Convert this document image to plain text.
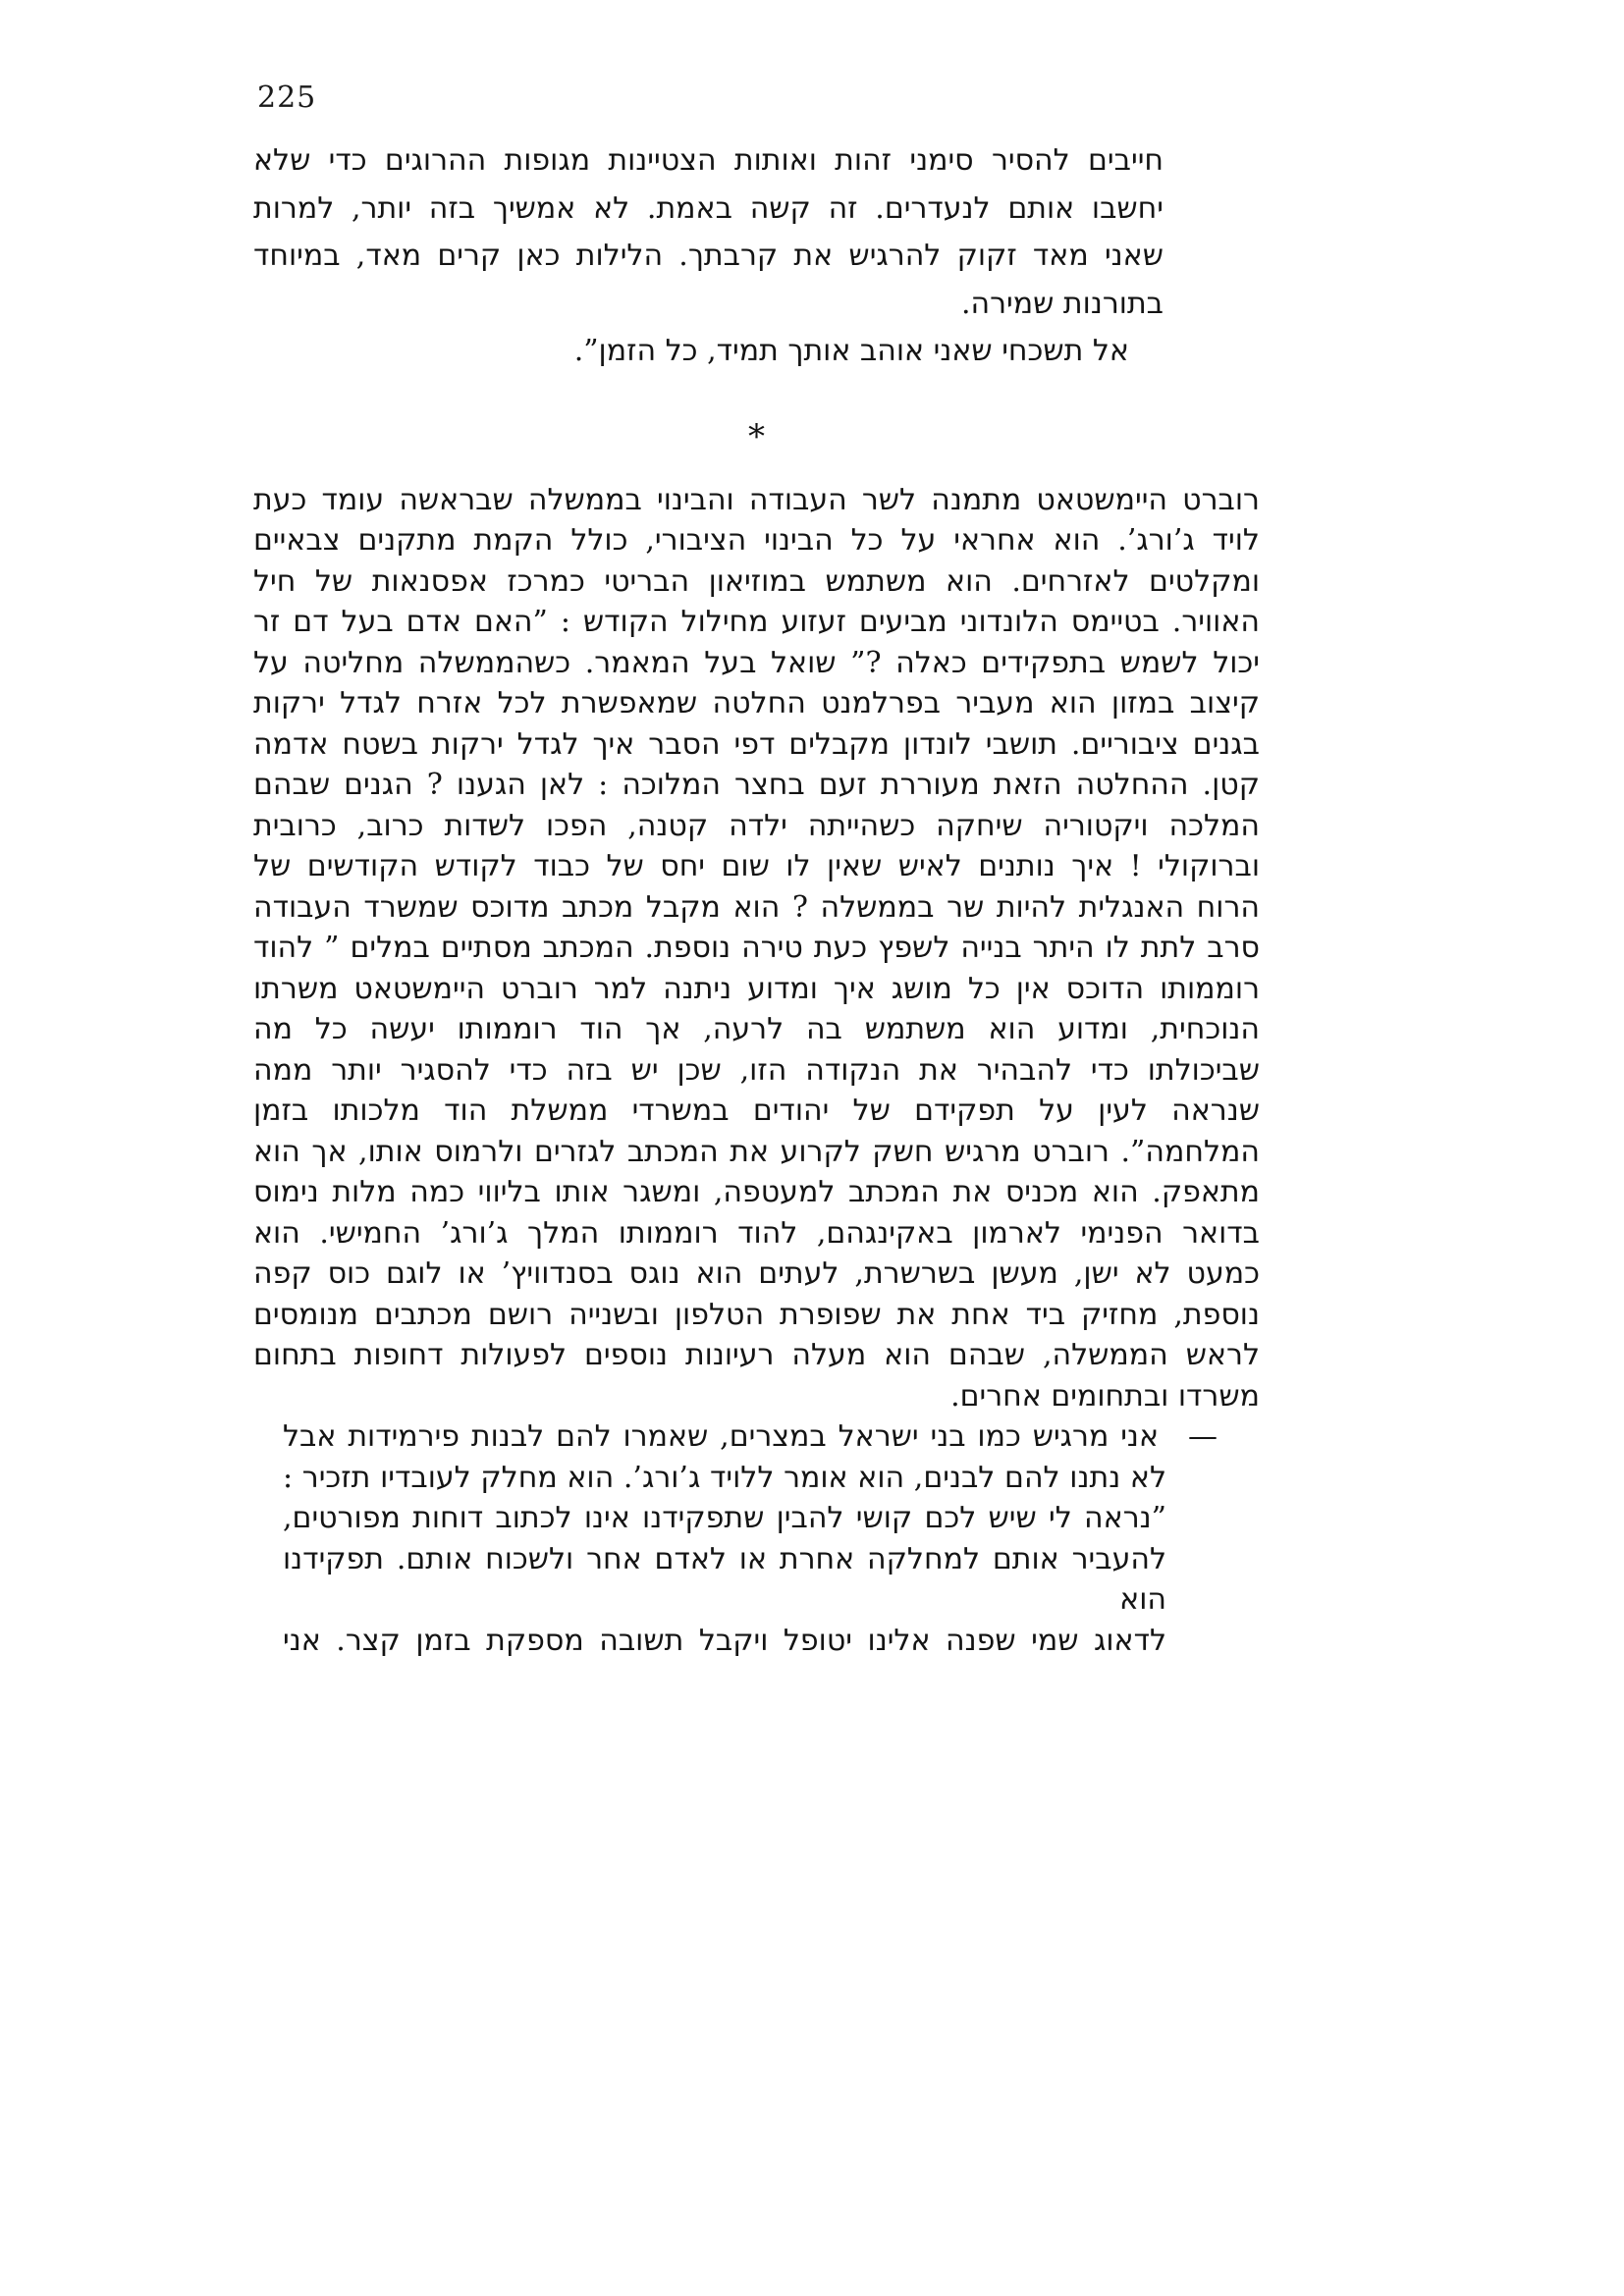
225
חייבים להסיר סימני זהות ואותות הצטיינות מגופות ההרוגים כדי שלא
יחשבו אותם לנעדרים. זה קשה באמת. לא אמשיך בזה יותר, למרות
שאני מאד זקוק להרגיש את קרבתך. הלילות כאן קרים מאד, במיוחד
בתורנות שמירה.
אל תשכחי שאני אוהב אותך תמיד, כל הזמן”.
*
רוברט היימשטאט מתמנה לשר העבודה והבינוי בממשלה שבראשה עומד כעת
לויד ג’ורג’. הוא אחראי על כל הבינוי הציבורי, כולל הקמת מתקנים צבאיים
ומקלטים לאזרחים. הוא משתמש במוזיאון הבריטי כמרכז אפסנאות של חיל
האוויר. בטיימס הלונדוני מביעים זעזוע מחילול הקודש : ”האם אדם בעל דם זר
יכול לשמש בתפקידים כאלה ?” שואל בעל המאמר. כשהממשלה מחליטה על
קיצוב במזון הוא מעביר בפרלמנט החלטה שמאפשרת לכל אזרח לגדל ירקות
בגנים ציבוריים. תושבי לונדון מקבלים דפי הסבר איך לגדל ירקות בשטח אדמה
קטן. ההחלטה הזאת מעוררת זעם בחצר המלוכה : לאן הגענו ? הגנים שבהם
המלכה ויקטוריה שיחקה כשהייתה ילדה קטנה, הפכו לשדות כרוב, כרובית
וברוקולי ! איך נותנים לאיש שאין לו שום יחס של כבוד לקודש הקודשים של
הרוח האנגלית להיות שר בממשלה ? הוא מקבל מכתב מדוכס שמשרד העבודה
סרב לתת לו היתר בנייה לשפץ כעת טירה נוספת. המכתב מסתיים במלים ” להוד
רוממותו הדוכס אין כל מושג איך ומדוע ניתנה למר רוברט היימשטאט משרתו
הנוכחית, ומדוע הוא משתמש בה לרעה, אך הוד רוממותו יעשה כל מה
שביכולתו כדי להבהיר את הנקודה הזו, שכן יש בזה כדי להסגיר יותר ממה
שנראה לעין על תפקידם של יהודים במשרדי ממשלת הוד מלכותו בזמן
המלחמה”. רוברט מרגיש חשק לקרוע את המכתב לגזרים ולרמוס אותו, אך הוא
מתאפק. הוא מכניס את המכתב למעטפה, ומשגר אותו בליווי כמה מלות נימוס
בדואר הפנימי לארמון באקינגהם, להוד רוממותו המלך ג’ורג’ החמישי. הוא
כמעט לא ישן, מעשן בשרשרת, לעתים הוא נוגס בסנדוויץ’ או לוגם כוס קפה
נוספת, מחזיק ביד אחת את שפופרת הטלפון ובשנייה רושם מכתבים מנומסים
לראש הממשלה, שבהם הוא מעלה רעיונות נוספים לפעולות דחופות בתחום
משרדו ובתחומים אחרים.
—אני מרגיש כמו בני ישראל במצרים, שאמרו להם לבנות פירמידות אבל
לא נתנו להם לבנים, הוא אומר ללויד ג’ורג’. הוא מחלק לעובדיו תזכיר :
”נראה לי שיש לכם קושי להבין שתפקידנו אינו לכתוב דוחות מפורטים,
להעביר אותם למחלקה אחרת או לאדם אחר ולשכוח אותם. תפקידנו הוא
לדאוג שמי שפנה אלינו יטופל ויקבל תשובה מספקת בזמן קצר. אני
